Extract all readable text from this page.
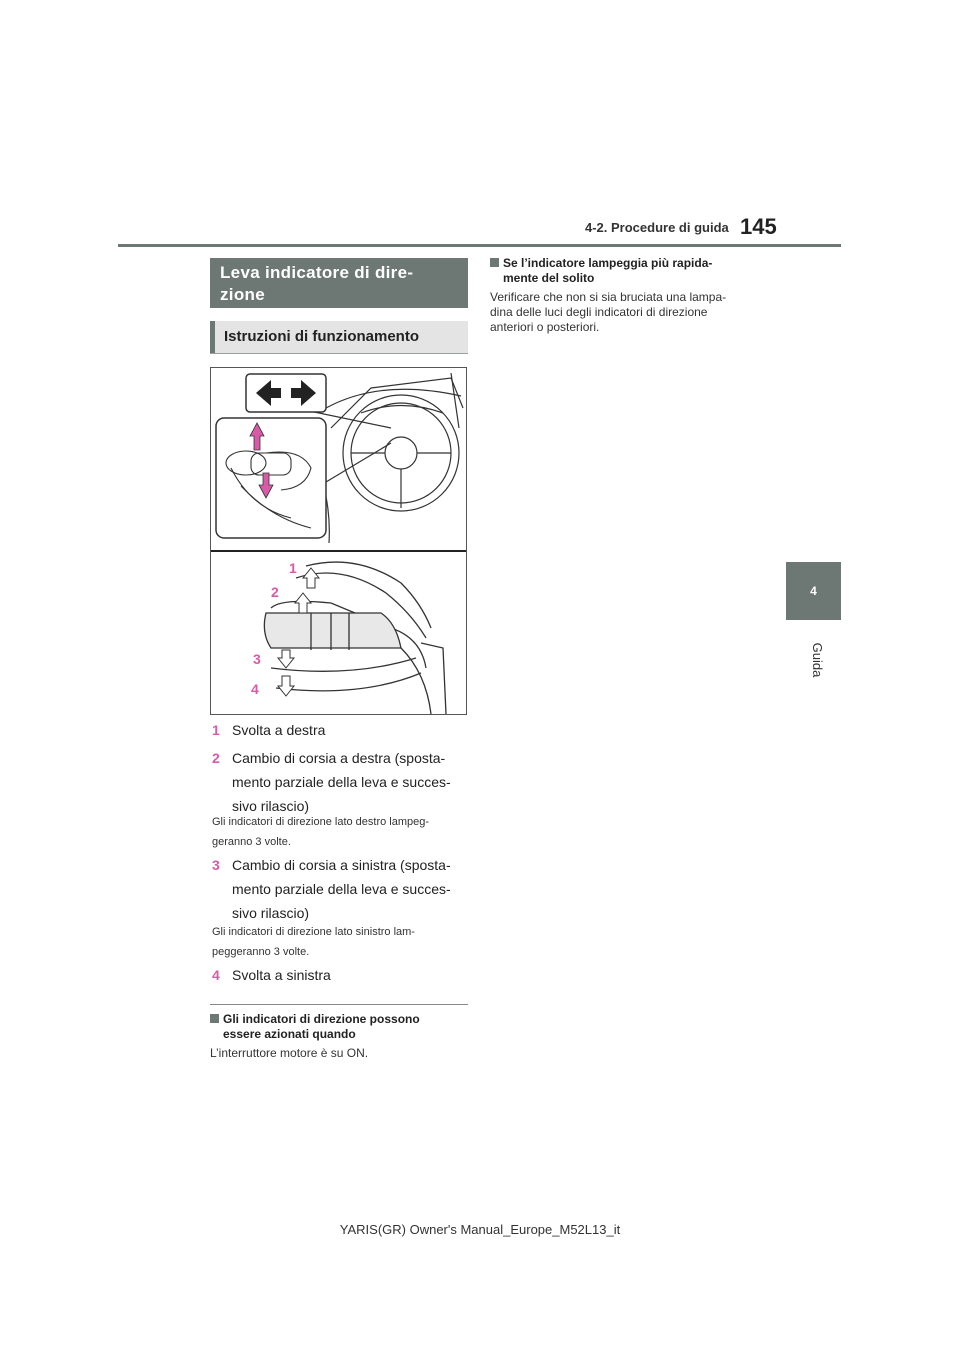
4-2. Procedure di guida 145
4
Guida
Leva indicatore di dire-
zione
Istruzioni di funzionamento
1
2
3
4
1 Svolta a destra
2 Cambio di corsia a destra (sposta-
mento parziale della leva e succes-
sivo rilascio)
Gli indicatori di direzione lato destro lampeg-
geranno 3 volte.
3 Cambio di corsia a sinistra (sposta-
mento parziale della leva e succes-
sivo rilascio)
Gli indicatori di direzione lato sinistro lam-
peggeranno 3 volte.
4 Svolta a sinistra
Gli indicatori di direzione possono
essere azionati quando
L’interruttore motore è su ON.
Se l’indicatore lampeggia più rapida-
mente del solito
Verificare che non si sia bruciata una lampa-
dina delle luci degli indicatori di direzione
anteriori o posteriori.
YARIS(GR) Owner's Manual_Europe_M52L13_it
